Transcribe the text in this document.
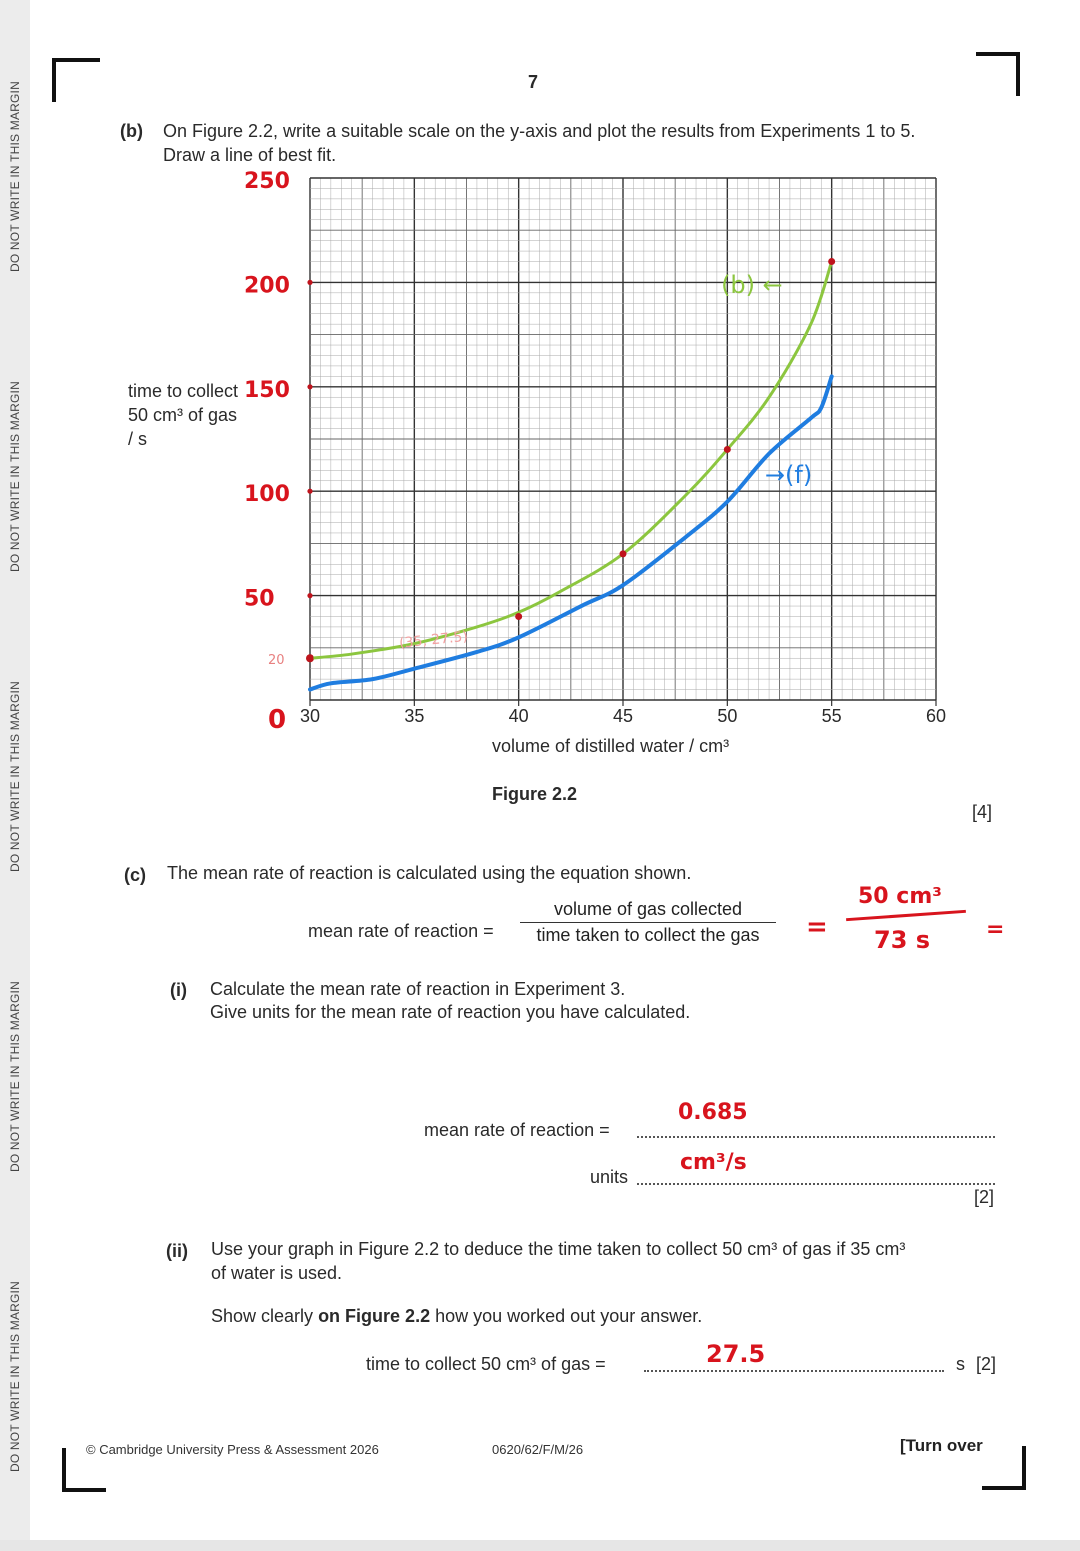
DO NOT WRITE IN THIS MARGIN
DO NOT WRITE IN THIS MARGIN
DO NOT WRITE IN THIS MARGIN
DO NOT WRITE IN THIS MARGIN
DO NOT WRITE IN THIS MARGIN
7
(b) On Figure 2.2, write a suitable scale on the y-axis and plot the results from Experiments 1 to 5.
Draw a line of best fit.
30	35	40	45	50	55	60
0
50
100
150
200
250
20
(b) ←
→(f)
(35, 27.5)
time to collect
50 cm³ of gas
/ s
volume of distilled water / cm³
Figure 2.2
[4]
(c) The mean rate of reaction is calculated using the equation shown.
mean rate of reaction =
volume of gas collected
time taken to collect the gas	=
50 cm³
73 s	=
(i) Calculate the mean rate of reaction in Experiment 3.
Give units for the mean rate of reaction you have calculated.
mean rate of reaction =
0.685
units
cm³/s
[2]
(ii) Use your graph in Figure 2.2 to deduce the time taken to collect 50 cm³ of gas if 35 cm³
of water is used.
Show clearly on Figure 2.2 how you worked out your answer.
time to collect 50 cm³ of gas =	27.5	s [2]
© Cambridge University Press & Assessment 2026	0620/62/F/M/26	[Turn over
